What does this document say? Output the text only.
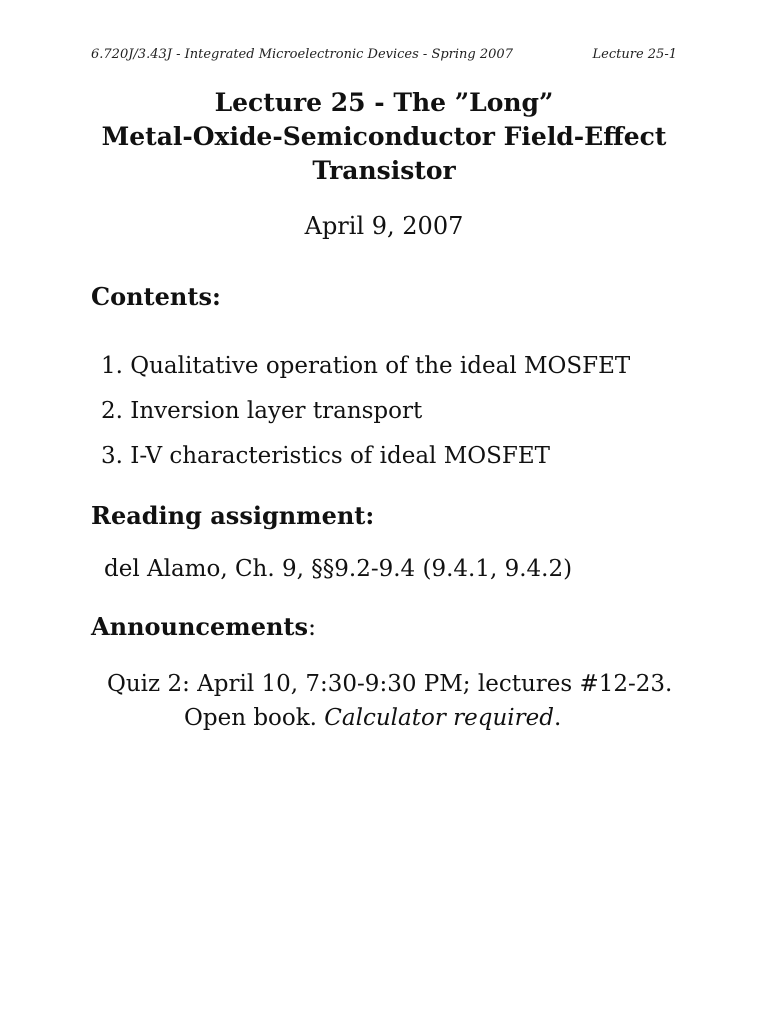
6.720J/3.43J - Integrated Microelectronic Devices - Spring 2007	Lecture 25-1
Lecture 25 - The ”Long”
Metal-Oxide-Semiconductor Field-Effect
Transistor
April 9, 2007
Contents:
1. Qualitative operation of the ideal MOSFET
2. Inversion layer transport
3. I-V characteristics of ideal MOSFET
Reading assignment:
del Alamo, Ch. 9, §§9.2-9.4 (9.4.1, 9.4.2)
Announcements:
Quiz 2: April 10, 7:30-9:30 PM; lectures #12-23.
Open book. Calculator required.
